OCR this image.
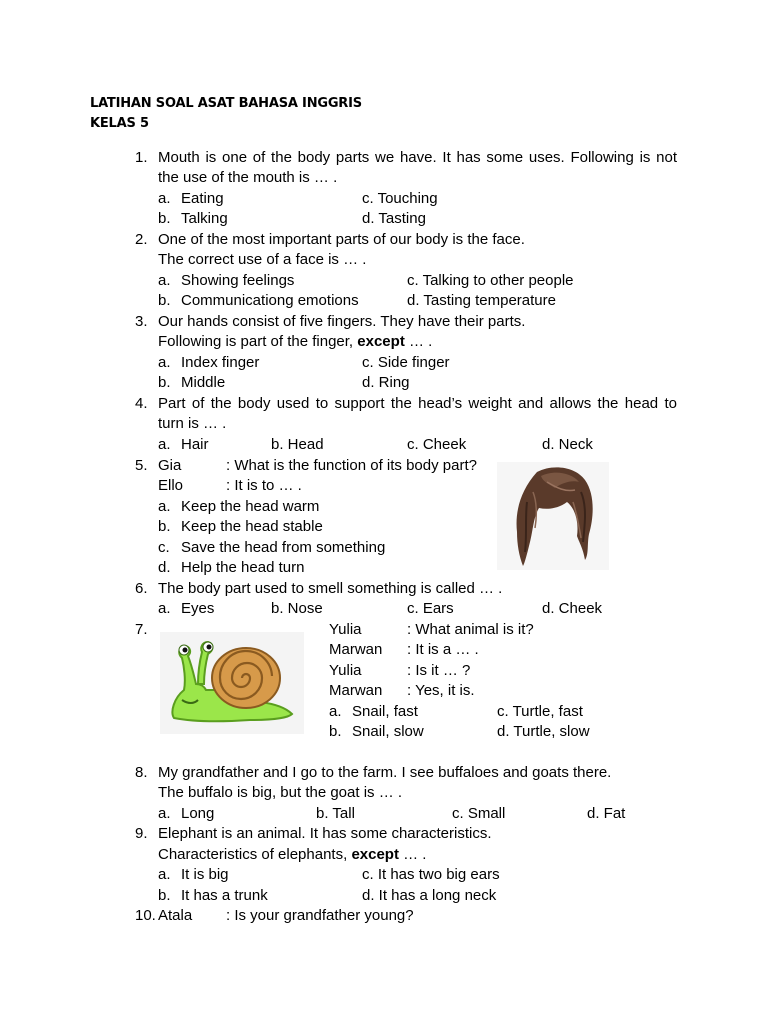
LATIHAN SOAL ASAT BAHASA INGGRIS
KELAS 5
1. Mouth is one of the body parts we have. It has some uses. Following is not
the use of the mouth is … .
a. Eating	c. Touching
b. Talking	d. Tasting
2. One of the most important parts of our body is the face.
The correct use of a face is … .
a. Showing feelings	c. Talking to other people
b. Communicationg emotions	d. Tasting temperature
3. Our hands consist of five fingers. They have their parts.
Following is part of the finger, except … .
a. Index finger	c. Side finger
b. Middle	d. Ring
4. Part of the body used to support the head’s weight and allows the head to
turn is … .
a. Hair	b. Head	c. Cheek	d. Neck
5. Gia	: What is the function of its body part?
Ello	: It is to … .
a. Keep the head warm
b. Keep the head stable
c. Save the head from something
d. Help the head turn
6. The body part used to smell something is called … .
a. Eyes	b. Nose	c. Ears	d. Cheek
7.	Yulia	: What animal is it?
Marwan : It is a … .
Yulia	: Is it … ?
Marwan : Yes, it is.
a. Snail, fast	c. Turtle, fast
b. Snail, slow	d. Turtle, slow
8. My grandfather and I go to the farm. I see buffaloes and goats there.
The buffalo is big, but the goat is … .
a. Long	b. Tall	c. Small	d. Fat
9. Elephant is an animal. It has some characteristics.
Characteristics of elephants, except … .
a. It is big	c. It has two big ears
b. It has a trunk	d. It has a long neck
10. Atala : Is your grandfather young?
